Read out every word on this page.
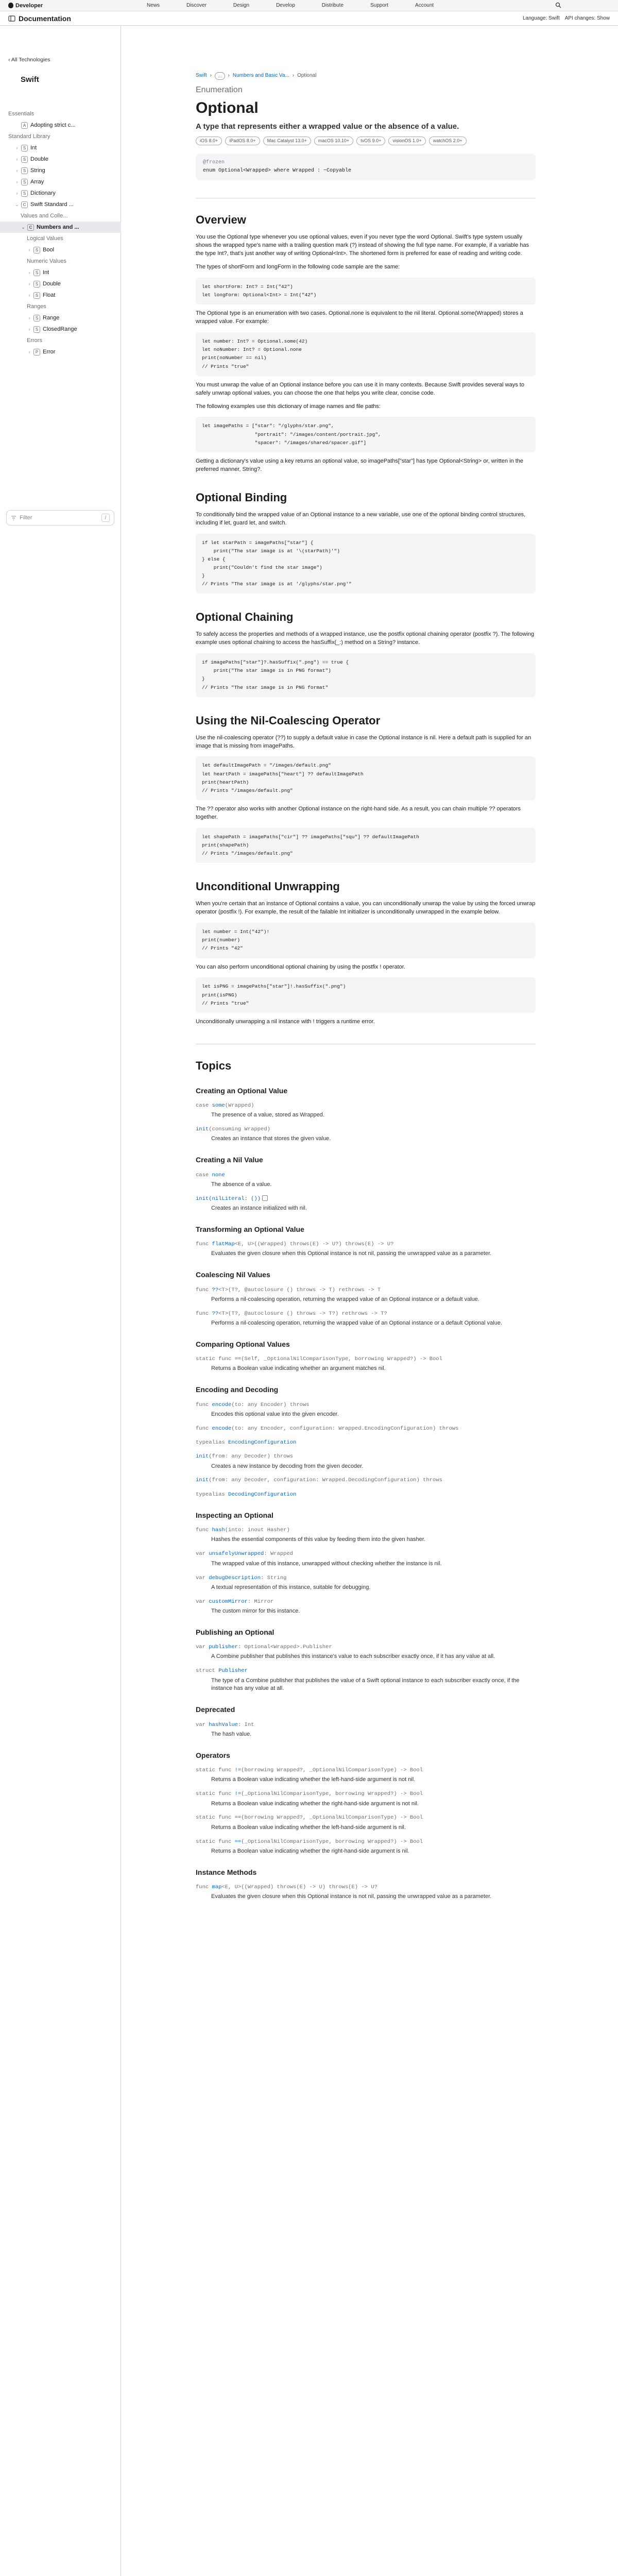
Developer	News	Discover	Design	Develop	Distribute	Support	Account
Documentation	Language: Swift API changes: Show
‹ All Technologies
Swift
Essentials
A Adopting strict c...
Standard Library
›	S Int
›	S Double
›	S String
›	S Array
›	S Dictionary
⌄ C Swift Standard ...
Values and Colle...
⌄ C Numbers and ...
Logical Values
›	S Bool
Numeric Values
›	S Int
›	S Double
›	S Float
Ranges
›	S Range
›	S ClosedRange
Errors
›	P Error
Filter	/
Swift ›	...	› Numbers and Basic Va... › Optional
Enumeration
Optional
A type that represents either a wrapped value or the absence of a value.
iOS 8.0+	iPadOS 8.0+	Mac Catalyst 13.0+	macOS 10.10+	tvOS 9.0+	visionOS 1.0+	watchOS 2.0+
@frozen
enum Optional<Wrapped> where Wrapped : ~Copyable
Overview

You use the Optional type whenever you use optional values, even if you never type the word Optional. Swift's type system usually shows the wrapped type's name with a trailing question mark (?) instead of showing the full type name. For example, if a variable has the type Int?, that's just another way of writing Optional<Int>. The shortened form is preferred for ease of reading and writing code.

The types of shortForm and longForm in the following code sample are the same:

let shortForm: Int? = Int("42")
let longForm: Optional<Int> = Int("42")

The Optional type is an enumeration with two cases. Optional.none is equivalent to the nil literal. Optional.some(Wrapped) stores a wrapped value. For example:

let number: Int? = Optional.some(42)
let noNumber: Int? = Optional.none
print(noNumber == nil)
// Prints "true"

You must unwrap the value of an Optional instance before you can use it in many contexts. Because Swift provides several ways to safely unwrap optional values, you can choose the one that helps you write clear, concise code.

The following examples use this dictionary of image names and file paths:

let imagePaths = ["star": "/glyphs/star.png",
"portrait": "/images/content/portrait.jpg",
"spacer": "/images/shared/spacer.gif"]

Getting a dictionary's value using a key returns an optional value, so imagePaths["star"] has type Optional<String> or, written in the preferred manner, String?.

Optional Binding

To conditionally bind the wrapped value of an Optional instance to a new variable, use one of the optional binding control structures, including if let, guard let, and switch.

if let starPath = imagePaths["star"] {
print("The star image is at '\(starPath)'")
} else {
print("Couldn't find the star image")
}
// Prints "The star image is at '/glyphs/star.png'"
Optional Chaining

To safely access the properties and methods of a wrapped instance, use the postfix optional chaining operator (postfix ?). The following example uses optional chaining to access the hasSuffix(_:) method on a String? instance.

if imagePaths["star"]?.hasSuffix(".png") == true {
print("The star image is in PNG format")
}
// Prints "The star image is in PNG format"
Using the Nil-Coalescing Operator

Use the nil-coalescing operator (??) to supply a default value in case the Optional instance is nil. Here a default path is supplied for an image that is missing from imagePaths.

let defaultImagePath = "/images/default.png"
let heartPath = imagePaths["heart"] ?? defaultImagePath
print(heartPath)
// Prints "/images/default.png"

The ?? operator also works with another Optional instance on the right-hand side. As a result, you can chain multiple ?? operators together.

let shapePath = imagePaths["cir"] ?? imagePaths["squ"] ?? defaultImagePath
print(shapePath)
// Prints "/images/default.png"
Unconditional Unwrapping

When you're certain that an instance of Optional contains a value, you can unconditionally unwrap the value by using the forced unwrap operator (postfix !). For example, the result of the failable Int initializer is unconditionally unwrapped in the example below.

let number = Int("42")!
print(number)
// Prints "42"

You can also perform unconditional optional chaining by using the postfix ! operator.

let isPNG = imagePaths["star"]!.hasSuffix(".png")
print(isPNG)
// Prints "true"

Unconditionally unwrapping a nil instance with ! triggers a runtime error.

Topics
Creating an Optional Value
case some(Wrapped)
The presence of a value, stored as Wrapped.
init(consuming Wrapped)
Creates an instance that stores the given value.
Creating a Nil Value
case none
The absence of a value.
init(nilLiteral: ())
Creates an instance initialized with nil.
Transforming an Optional Value
func flatMap<E, U>((Wrapped) throws(E) -> U?) throws(E) -> U?
Evaluates the given closure when this Optional instance is not nil, passing the unwrapped value as a parameter.
Coalescing Nil Values
func ??<T>(T?, @autoclosure () throws -> T) rethrows -> T
Performs a nil-coalescing operation, returning the wrapped value of an Optional instance or a default value.
func ??<T>(T?, @autoclosure () throws -> T?) rethrows -> T?
Performs a nil-coalescing operation, returning the wrapped value of an Optional instance or a default Optional value.
Comparing Optional Values
static func ==(Self, _OptionalNilComparisonType, borrowing Wrapped?) -> Bool
Returns a Boolean value indicating whether an argument matches nil.
Encoding and Decoding
func encode(to: any Encoder) throws
Encodes this optional value into the given encoder.
func encode(to: any Encoder, configuration: Wrapped.EncodingConfiguration) throws
typealias EncodingConfiguration
init(from: any Decoder) throws
Creates a new instance by decoding from the given decoder.
init(from: any Decoder, configuration: Wrapped.DecodingConfiguration) throws
typealias DecodingConfiguration
Inspecting an Optional
func hash(into: inout Hasher)
Hashes the essential components of this value by feeding them into the given hasher.
var unsafelyUnwrapped: Wrapped
The wrapped value of this instance, unwrapped without checking whether the instance is nil.
var debugDescription: String
A textual representation of this instance, suitable for debugging.
var customMirror: Mirror
The custom mirror for this instance.
Publishing an Optional
var publisher: Optional<Wrapped>.Publisher
A Combine publisher that publishes this instance's value to each subscriber exactly once, if it has any value at all.
struct Publisher
The type of a Combine publisher that publishes the value of a Swift optional instance to each subscriber exactly once, if the instance has any value at all.
Deprecated
var hashValue: Int
The hash value.
Operators
static func !=(borrowing Wrapped?, _OptionalNilComparisonType) -> Bool
Returns a Boolean value indicating whether the left-hand-side argument is not nil.
static func !=(_OptionalNilComparisonType, borrowing Wrapped?) -> Bool
Returns a Boolean value indicating whether the right-hand-side argument is not nil.
static func ==(borrowing Wrapped?, _OptionalNilComparisonType) -> Bool
Returns a Boolean value indicating whether the left-hand-side argument is nil.
static func ==(_OptionalNilComparisonType, borrowing Wrapped?) -> Bool
Returns a Boolean value indicating whether the right-hand-side argument is nil.
Instance Methods
func map<E, U>((Wrapped) throws(E) -> U) throws(E) -> U?
Evaluates the given closure when this Optional instance is not nil, passing the unwrapped value as a parameter.
